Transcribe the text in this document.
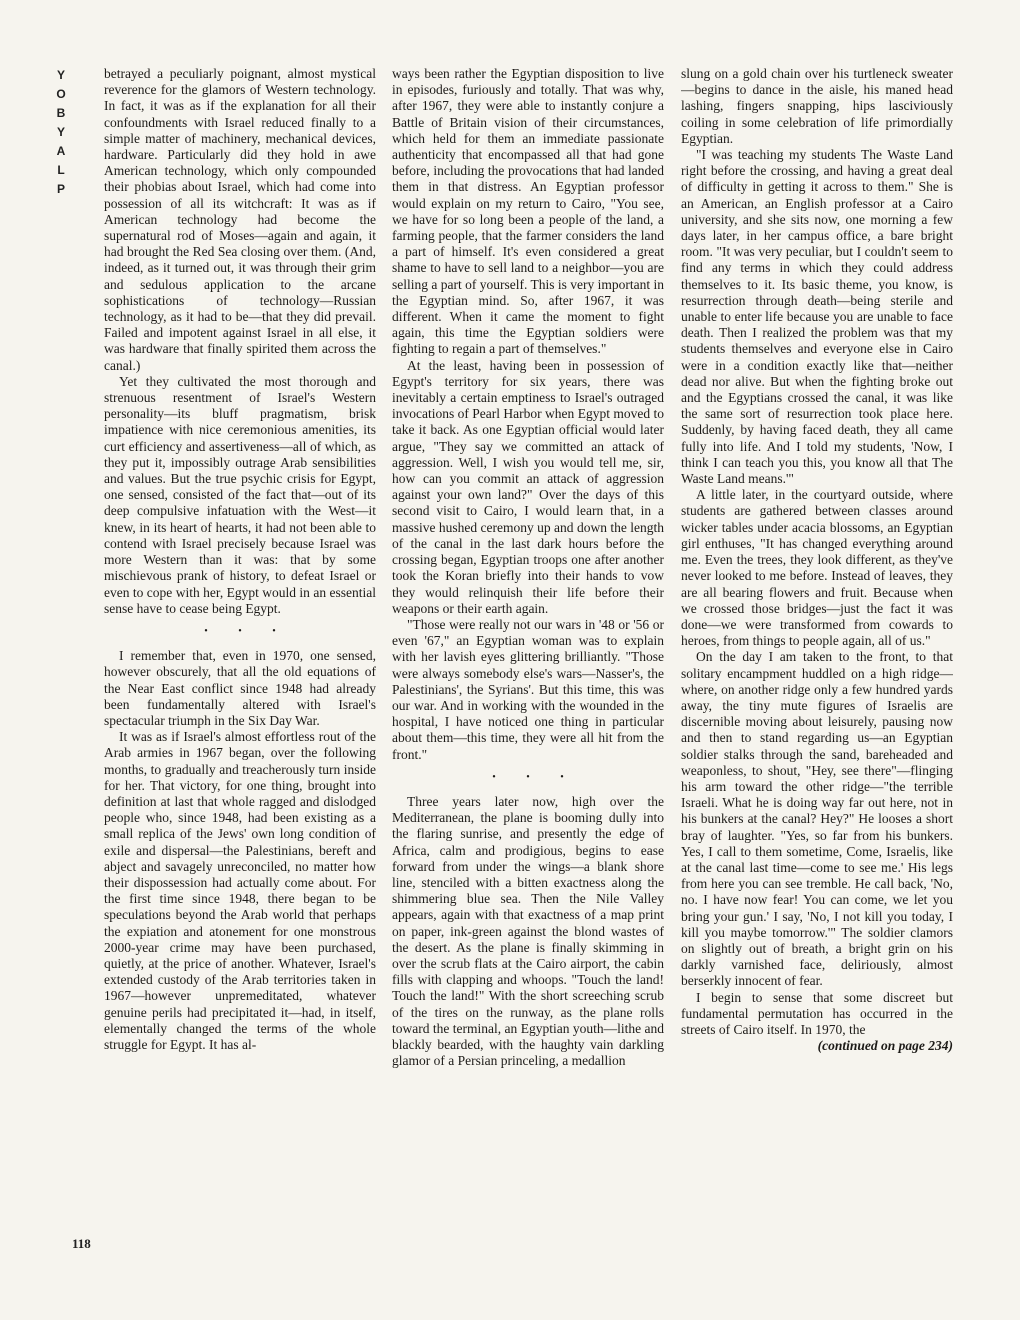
Y
O
B
Y
A
L
P

betrayed a peculiarly poignant, almost mystical reverence for the glamors of Western technology. In fact, it was as if the explanation for all their confoundments with Israel reduced finally to a simple matter of machinery, mechanical devices, hardware. Particularly did they hold in awe American technology, which only compounded their phobias about Israel, which had come into possession of all its witchcraft: It was as if American technology had become the supernatural rod of Moses—again and again, it had brought the Red Sea closing over them. (And, indeed, as it turned out, it was through their grim and sedulous application to the arcane sophistications of technology—Russian technology, as it had to be—that they did prevail. Failed and impotent against Israel in all else, it was hardware that finally spirited them across the canal.)

Yet they cultivated the most thorough and strenuous resentment of Israel's Western personality—its bluff pragmatism, brisk impatience with nice ceremonious amenities, its curt efficiency and assertiveness—all of which, as they put it, impossibly outrage Arab sensibilities and values. But the true psychic crisis for Egypt, one sensed, consisted of the fact that—out of its deep compulsive infatuation with the West—it knew, in its heart of hearts, it had not been able to contend with Israel precisely because Israel was more Western than it was: that by some mischievous prank of history, to defeat Israel or even to cope with her, Egypt would in an essential sense have to cease being Egypt.

• • •

I remember that, even in 1970, one sensed, however obscurely, that all the old equations of the Near East conflict since 1948 had already been fundamentally altered with Israel's spectacular triumph in the Six Day War.

It was as if Israel's almost effortless rout of the Arab armies in 1967 began, over the following months, to gradually and treacherously turn inside for her. That victory, for one thing, brought into definition at last that whole ragged and dislodged people who, since 1948, had been existing as a small replica of the Jews' own long condition of exile and dispersal—the Palestinians, bereft and abject and savagely unreconciled, no matter how their dispossession had actually come about. For the first time since 1948, there began to be speculations beyond the Arab world that perhaps the expiation and atonement for one monstrous 2000-year crime may have been purchased, quietly, at the price of another. Whatever, Israel's extended custody of the Arab territories taken in 1967—however unpremeditated, whatever genuine perils had precipitated it—had, in itself, elementally changed the terms of the whole struggle for Egypt. It has al-

ways been rather the Egyptian disposition to live in episodes, furiously and totally. That was why, after 1967, they were able to instantly conjure a Battle of Britain vision of their circumstances, which held for them an immediate passionate authenticity that encompassed all that had gone before, including the provocations that had landed them in that distress. An Egyptian professor would explain on my return to Cairo, "You see, we have for so long been a people of the land, a farming people, that the farmer considers the land a part of himself. It's even considered a great shame to have to sell land to a neighbor—you are selling a part of yourself. This is very important in the Egyptian mind. So, after 1967, it was different. When it came the moment to fight again, this time the Egyptian soldiers were fighting to regain a part of themselves."

At the least, having been in possession of Egypt's territory for six years, there was inevitably a certain emptiness to Israel's outraged invocations of Pearl Harbor when Egypt moved to take it back. As one Egyptian official would later argue, "They say we committed an attack of aggression. Well, I wish you would tell me, sir, how can you commit an attack of aggression against your own land?" Over the days of this second visit to Cairo, I would learn that, in a massive hushed ceremony up and down the length of the canal in the last dark hours before the crossing began, Egyptian troops one after another took the Koran briefly into their hands to vow they would relinquish their life before their weapons or their earth again.

"Those were really not our wars in '48 or '56 or even '67," an Egyptian woman was to explain with her lavish eyes glittering brilliantly. "Those were always somebody else's wars—Nasser's, the Palestinians', the Syrians'. But this time, this was our war. And in working with the wounded in the hospital, I have noticed one thing in particular about them—this time, they were all hit from the front."

• • •

Three years later now, high over the Mediterranean, the plane is booming dully into the flaring sunrise, and presently the edge of Africa, calm and prodigious, begins to ease forward from under the wings—a blank shore line, stenciled with a bitten exactness along the shimmering blue sea. Then the Nile Valley appears, again with that exactness of a map print on paper, ink-green against the blond wastes of the desert. As the plane is finally skimming in over the scrub flats at the Cairo airport, the cabin fills with clapping and whoops. "Touch the land! Touch the land!" With the short screeching scrub of the tires on the runway, as the plane rolls toward the terminal, an Egyptian youth—lithe and blackly bearded, with the haughty vain darkling glamor of a Persian princeling, a medallion

slung on a gold chain over his turtleneck sweater—begins to dance in the aisle, his maned head lashing, fingers snapping, hips lasciviously coiling in some celebration of life primordially Egyptian.

"I was teaching my students The Waste Land right before the crossing, and having a great deal of difficulty in getting it across to them." She is an American, an English professor at a Cairo university, and she sits now, one morning a few days later, in her campus office, a bare bright room. "It was very peculiar, but I couldn't seem to find any terms in which they could address themselves to it. Its basic theme, you know, is resurrection through death—being sterile and unable to enter life because you are unable to face death. Then I realized the problem was that my students themselves and everyone else in Cairo were in a condition exactly like that—neither dead nor alive. But when the fighting broke out and the Egyptians crossed the canal, it was like the same sort of resurrection took place here. Suddenly, by having faced death, they all came fully into life. And I told my students, 'Now, I think I can teach you this, you know all that The Waste Land means.'"

A little later, in the courtyard outside, where students are gathered between classes around wicker tables under acacia blossoms, an Egyptian girl enthuses, "It has changed everything around me. Even the trees, they look different, as they've never looked to me before. Instead of leaves, they are all bearing flowers and fruit. Because when we crossed those bridges—just the fact it was done—we were transformed from cowards to heroes, from things to people again, all of us."

On the day I am taken to the front, to that solitary encampment huddled on a high ridge—where, on another ridge only a few hundred yards away, the tiny mute figures of Israelis are discernible moving about leisurely, pausing now and then to stand regarding us—an Egyptian soldier stalks through the sand, bareheaded and weaponless, to shout, "Hey, see there"—flinging his arm toward the other ridge—"the terrible Israeli. What he is doing way far out here, not in his bunkers at the canal? Hey?" He looses a short bray of laughter. "Yes, so far from his bunkers. Yes, I call to them sometime, Come, Israelis, like at the canal last time—come to see me.' His legs from here you can see tremble. He call back, 'No, no. I have now fear! You can come, we let you bring your gun.' I say, 'No, I not kill you today, I kill you maybe tomorrow.'" The soldier clamors on slightly out of breath, a bright grin on his darkly varnished face, deliriously, almost berserkly innocent of fear.

I begin to sense that some discreet but fundamental permutation has occurred in the streets of Cairo itself. In 1970, the

(continued on page 234)
118
